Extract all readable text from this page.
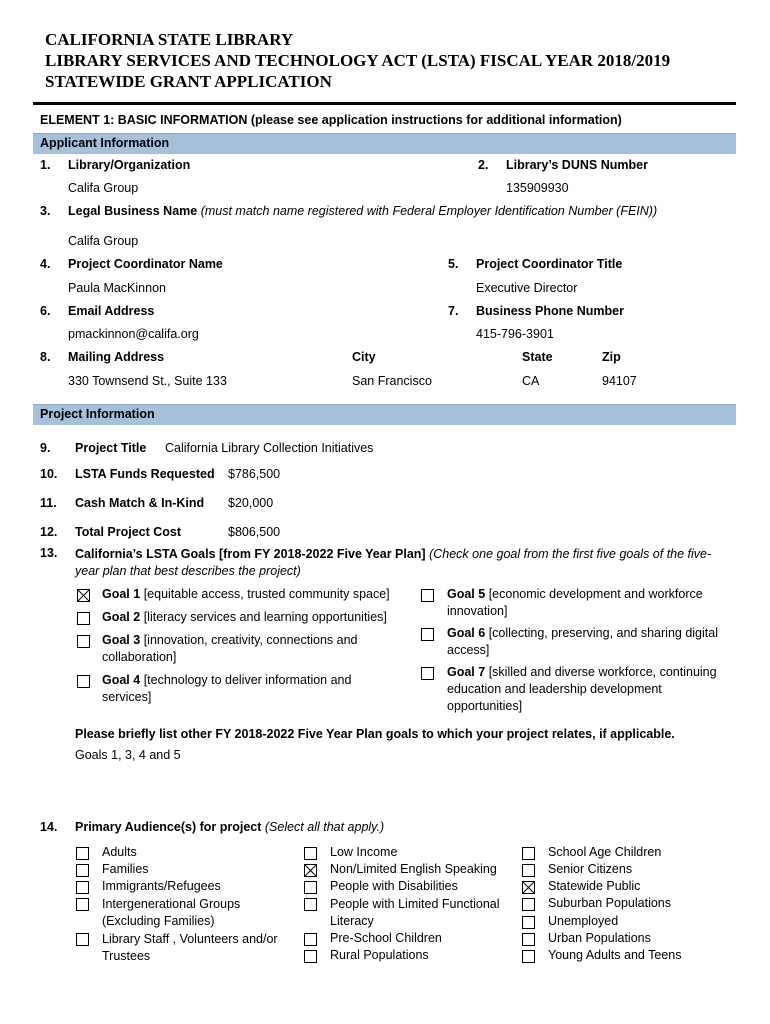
CALIFORNIA STATE LIBRARY
LIBRARY SERVICES AND TECHNOLOGY ACT (LSTA) FISCAL YEAR 2018/2019
STATEWIDE GRANT APPLICATION
ELEMENT 1: BASIC INFORMATION (please see application instructions for additional information)
Applicant Information
1. Library/Organization
Califa Group
2. Library’s DUNS Number
135909930
3. Legal Business Name (must match name registered with Federal Employer Identification Number (FEIN))
Califa Group
4. Project Coordinator Name
Paula MacKinnon
5. Project Coordinator Title
Executive Director
6. Email Address
pmackinnon@califa.org
7. Business Phone Number
415-796-3901
8. Mailing Address
330 Townsend St., Suite 133
City
San Francisco
State
CA
Zip
94107
Project Information
9. Project Title California Library Collection Initiatives
10. LSTA Funds Requested $786,500
11. Cash Match & In-Kind $20,000
12. Total Project Cost	$806,500
13. California’s LSTA Goals [from FY 2018-2022 Five Year Plan] (Check one goal from the first five goals of the five-year plan that best describes the project)
Goal 1 [equitable access, trusted community space]
Goal 2 [literacy services and learning opportunities]
Goal 3 [innovation, creativity, connections and collaboration]
Goal 4 [technology to deliver information and services]
Goal 5 [economic development and workforce innovation]
Goal 6 [collecting, preserving, and sharing digital access]
Goal 7 [skilled and diverse workforce, continuing education and leadership development opportunities]
Please briefly list other FY 2018-2022 Five Year Plan goals to which your project relates, if applicable.
Goals 1, 3, 4 and 5
14. Primary Audience(s) for project (Select all that apply.)
Adults
Families
Immigrants/Refugees
Intergenerational Groups (Excluding Families)
Library Staff , Volunteers and/or Trustees
Low Income
Non/Limited English Speaking
People with Disabilities
People with Limited Functional Literacy
Pre-School Children
Rural Populations
School Age Children
Senior Citizens
Statewide Public
Suburban Populations
Unemployed
Urban Populations
Young Adults and Teens
